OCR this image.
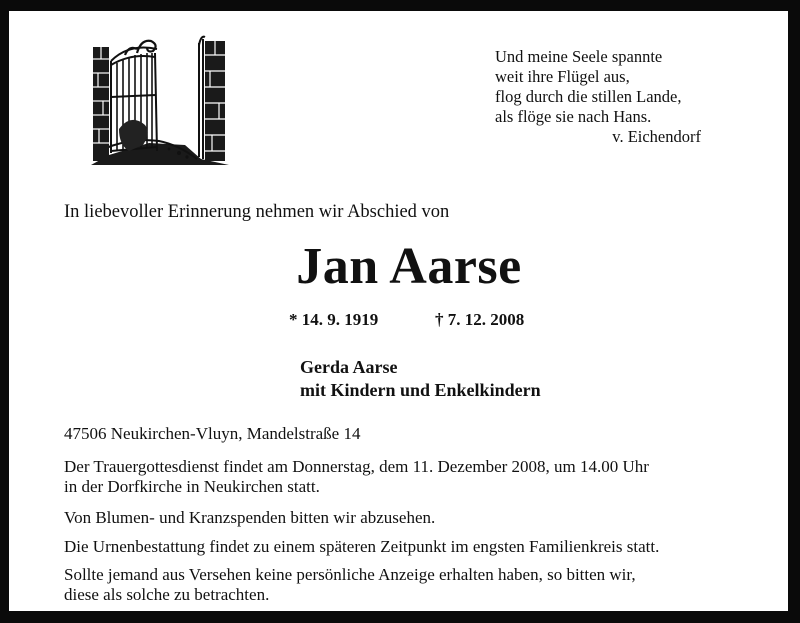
Und meine Seele spannte
weit ihre Flügel aus,
flog durch die stillen Lande,
als flöge sie nach Hans.
v. Eichendorf
In liebevoller Erinnerung nehmen wir Abschied von
Jan Aarse
* 14. 9. 1919	† 7. 12. 2008
Gerda Aarse
mit Kindern und Enkelkindern
47506 Neukirchen-Vluyn, Mandelstraße 14
Der Trauergottesdienst findet am Donnerstag, dem 11. Dezember 2008, um 14.00 Uhr
in der Dorfkirche in Neukirchen statt.
Von Blumen- und Kranzspenden bitten wir abzusehen.
Die Urnenbestattung findet zu einem späteren Zeitpunkt im engsten Familienkreis statt.
Sollte jemand aus Versehen keine persönliche Anzeige erhalten haben, so bitten wir,
diese als solche zu betrachten.
